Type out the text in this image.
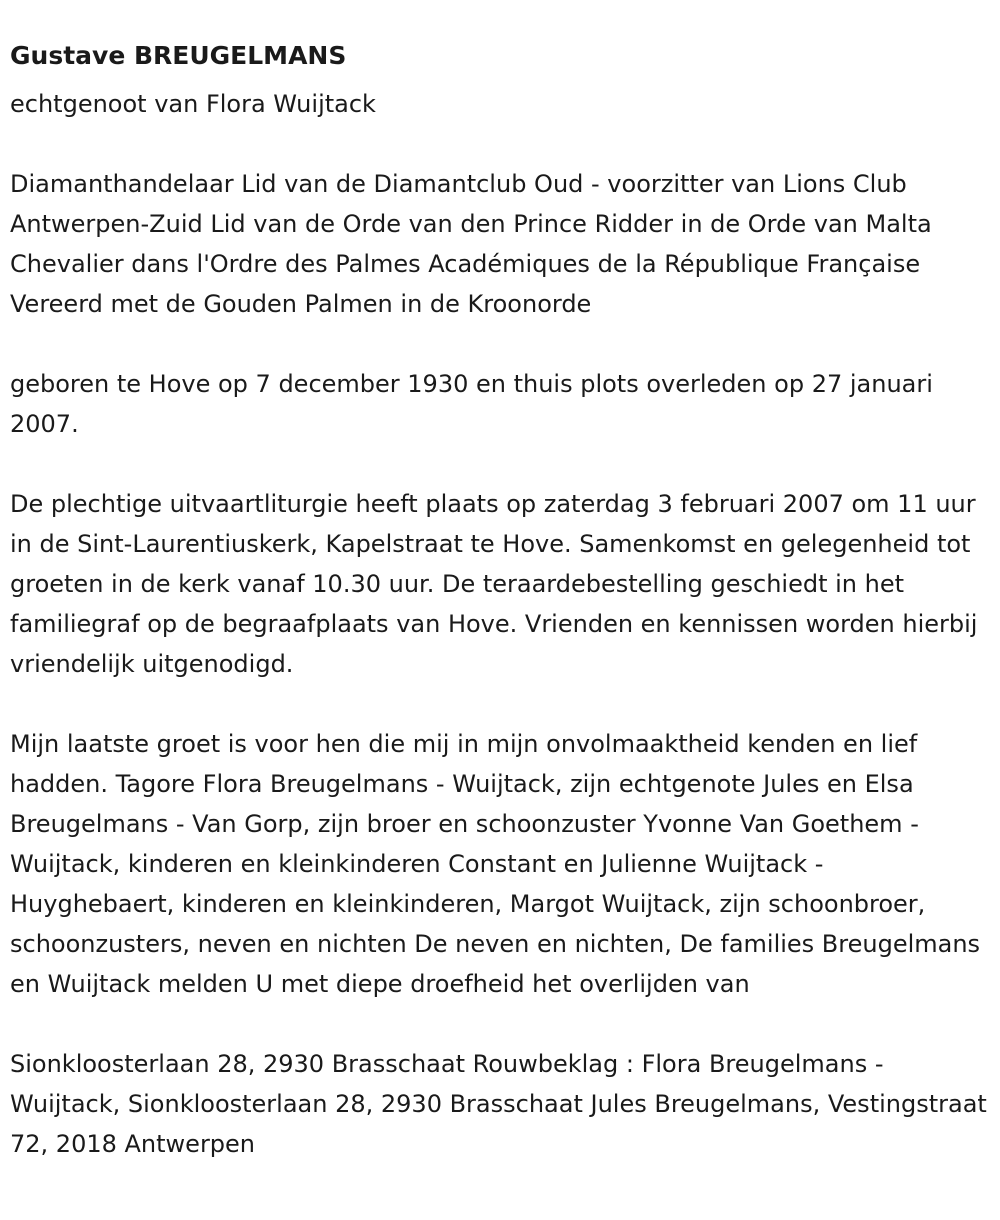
Gustave BREUGELMANS
echtgenoot van Flora Wuijtack
Diamanthandelaar Lid van de Diamantclub Oud - voorzitter van Lions Club Antwerpen-Zuid Lid van de Orde van den Prince Ridder in de Orde van Malta Chevalier dans l'Ordre des Palmes Académiques de la République Française Vereerd met de Gouden Palmen in de Kroonorde
geboren te Hove op 7 december 1930 en thuis plots overleden op 27 januari 2007.
De plechtige uitvaartliturgie heeft plaats op zaterdag 3 februari 2007 om 11 uur in de Sint-Laurentiuskerk, Kapelstraat te Hove. Samenkomst en gelegenheid tot groeten in de kerk vanaf 10.30 uur. De teraardebestelling geschiedt in het familiegraf op de begraafplaats van Hove. Vrienden en kennissen worden hierbij vriendelijk uitgenodigd.
Mijn laatste groet is voor hen die mij in mijn onvolmaaktheid kenden en lief hadden. Tagore Flora Breugelmans - Wuijtack, zijn echtgenote Jules en Elsa Breugelmans - Van Gorp, zijn broer en schoonzuster Yvonne Van Goethem - Wuijtack, kinderen en kleinkinderen Constant en Julienne Wuijtack - Huyghebaert, kinderen en kleinkinderen, Margot Wuijtack, zijn schoonbroer, schoonzusters, neven en nichten De neven en nichten, De families Breugelmans en Wuijtack melden U met diepe droefheid het overlijden van
Sionkloosterlaan 28, 2930 Brasschaat Rouwbeklag : Flora Breugelmans - Wuijtack, Sionkloosterlaan 28, 2930 Brasschaat Jules Breugelmans, Vestingstraat 72, 2018 Antwerpen
